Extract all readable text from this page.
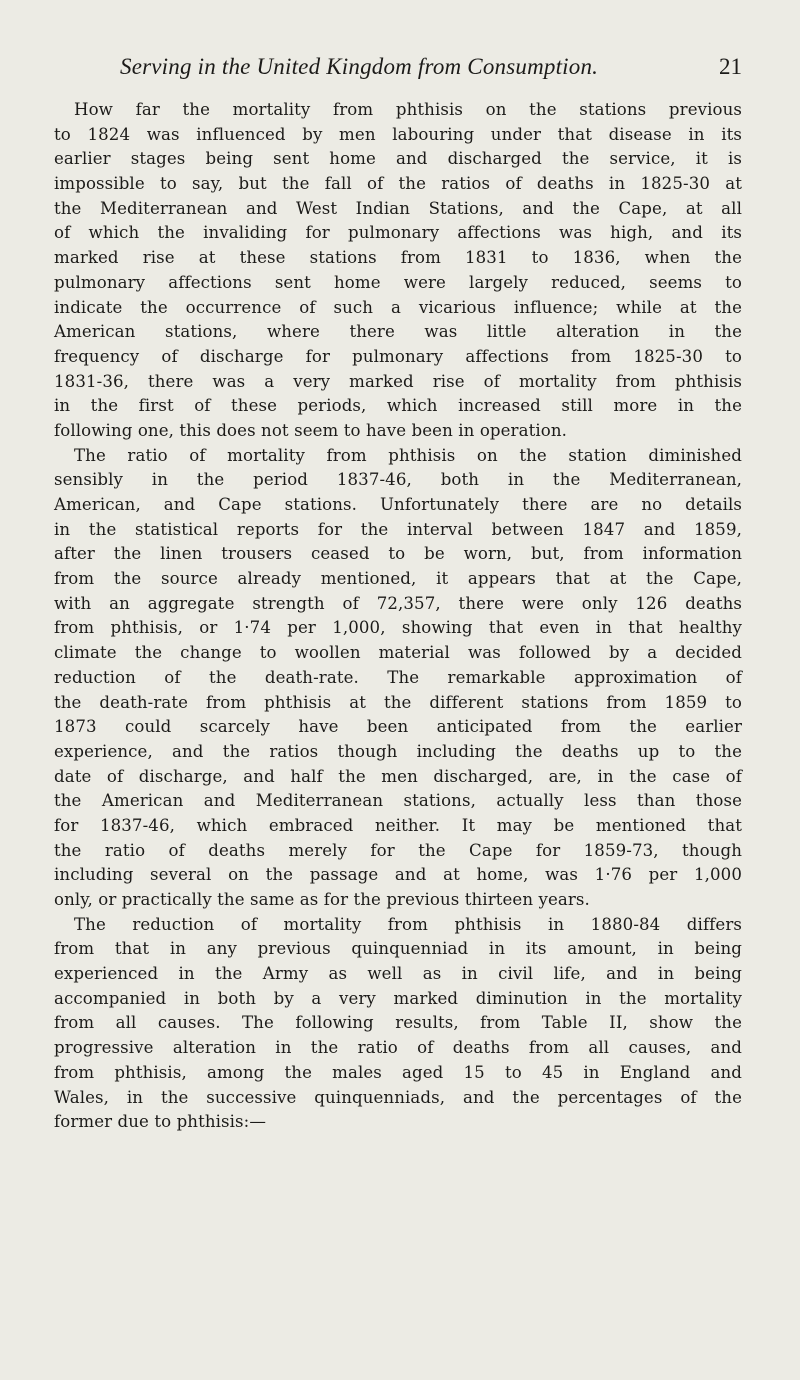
Serving in the United Kingdom from Consumption.	21
How far the mortality from phthisis on the stations previous
to 1824 was influenced by men labouring under that disease in its
earlier stages being sent home and discharged the service, it is
impossible to say, but the fall of the ratios of deaths in 1825-30 at
the Mediterranean and West Indian Stations, and the Cape, at all
of which the invaliding for pulmonary affections was high, and its
marked rise at these stations from 1831 to 1836, when the
pulmonary affections sent home were largely reduced, seems to
indicate the occurrence of such a vicarious influence; while at the
American stations, where there was little alteration in the
frequency of discharge for pulmonary affections from 1825-30 to
1831-36, there was a very marked rise of mortality from phthisis
in the first of these periods, which increased still more in the
following one, this does not seem to have been in operation.
The ratio of mortality from phthisis on the station diminished
sensibly in the period 1837-46, both in the Mediterranean,
American, and Cape stations. Unfortunately there are no details
in the statistical reports for the interval between 1847 and 1859,
after the linen trousers ceased to be worn, but, from information
from the source already mentioned, it appears that at the Cape,
with an aggregate strength of 72,357, there were only 126 deaths
from phthisis, or 1·74 per 1,000, showing that even in that healthy
climate the change to woollen material was followed by a decided
reduction of the death-rate. The remarkable approximation of
the death-rate from phthisis at the different stations from 1859 to
1873 could scarcely have been anticipated from the earlier
experience, and the ratios though including the deaths up to the
date of discharge, and half the men discharged, are, in the case of
the American and Mediterranean stations, actually less than those
for 1837-46, which embraced neither. It may be mentioned that
the ratio of deaths merely for the Cape for 1859-73, though
including several on the passage and at home, was 1·76 per 1,000
only, or practically the same as for the previous thirteen years.
The reduction of mortality from phthisis in 1880-84 differs
from that in any previous quinquenniad in its amount, in being
experienced in the Army as well as in civil life, and in being
accompanied in both by a very marked diminution in the mortality
from all causes. The following results, from Table II, show the
progressive alteration in the ratio of deaths from all causes, and
from phthisis, among the males aged 15 to 45 in England and
Wales, in the successive quinquenniads, and the percentages of the
former due to phthisis:—
